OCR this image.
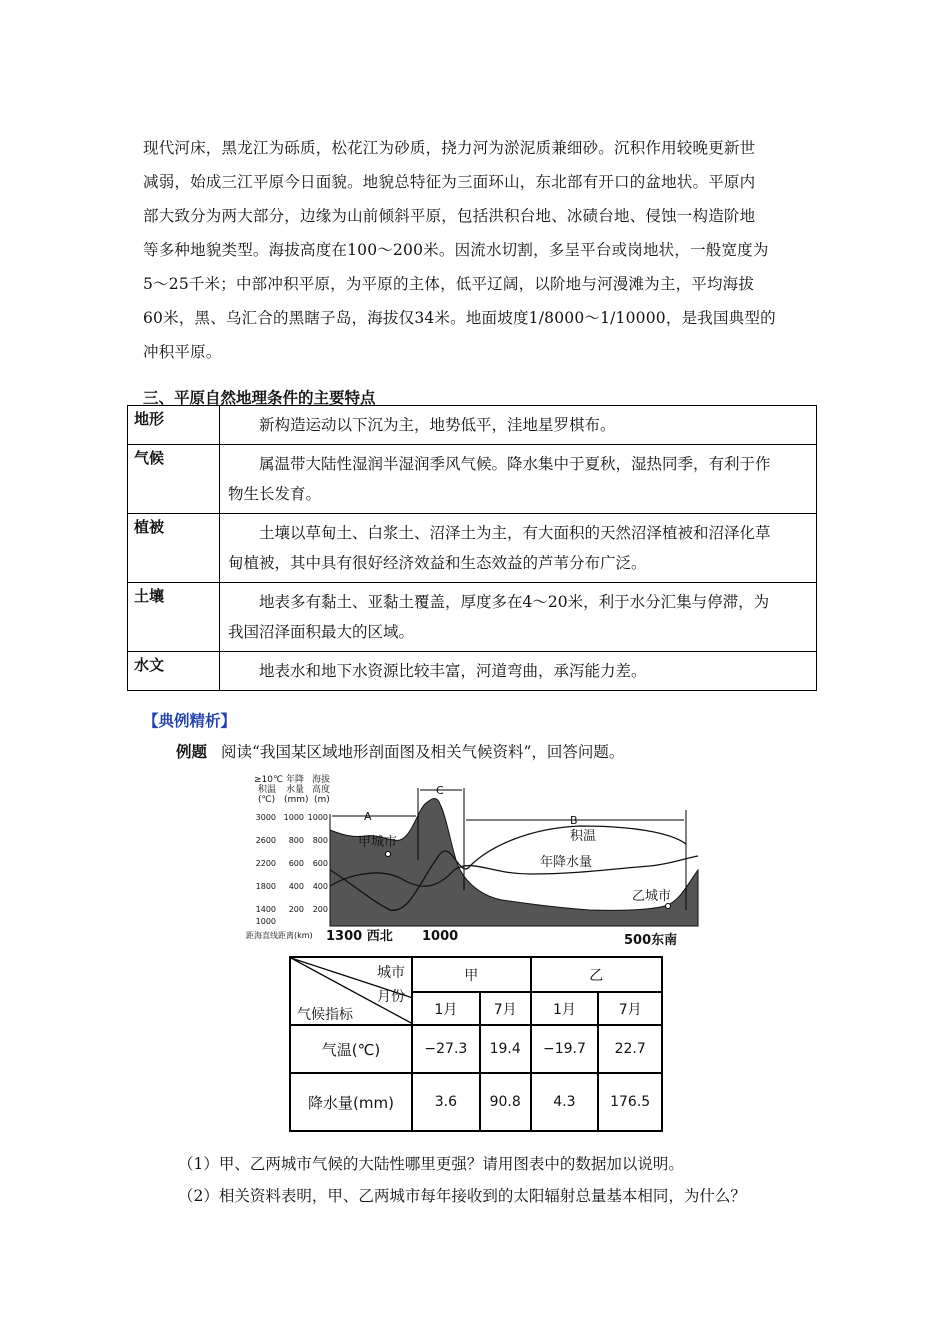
现代河床，黑龙江为砾质，松花江为砂质，挠力河为淤泥质兼细砂。沉积作用较晚更新世
减弱，始成三江平原今日面貌。地貌总特征为三面环山，东北部有开口的盆地状。平原内
部大致分为两大部分，边缘为山前倾斜平原，包括洪积台地、冰碛台地、侵蚀一构造阶地
等多种地貌类型。海拔高度在100～200米。因流水切割，多呈平台或岗地状，一般宽度为
5～25千米；中部冲积平原，为平原的主体，低平辽阔，以阶地与河漫滩为主，平均海拔
60米，黑、乌汇合的黑瞎子岛，海拔仅34米。地面坡度1/8000～1/10000，是我国典型的
冲积平原。
三、平原自然地理条件的主要特点
地形	新构造运动以下沉为主，地势低平，洼地星罗棋布。

气候	属温带大陆性湿润半湿润季风气候。降水集中于夏秋，湿热同季，有利于作
物生长发育。

植被	土壤以草甸土、白浆土、沼泽土为主，有大面积的天然沼泽植被和沼泽化草
甸植被，其中具有很好经济效益和生态效益的芦苇分布广泛。

土壤	地表多有黏土、亚黏土覆盖，厚度多在4～20米，利于水分汇集与停滞，为
我国沼泽面积最大的区域。

水文	地表水和地下水资源比较丰富，河道弯曲，承泻能力差。
【典例精析】
例题 阅读“我国某区域地形剖面图及相关气候资料”，回答问题。
≥10℃积温(℃)
年降水量(mm)
海拔高度(m)
3000
2600
2200
1800
1400
1000
1000
800
600
400
200
1000
800
600
400
200
A
C
B
甲城市
乙城市
积温
年降水量
距海直线距离(km) 1300 西北 1000	500东南
城市
月份
气候指标	甲		乙	
	1月	7月	1月	7月
气温(℃)	−27.3	19.4	−19.7	22.7
降水量(mm)	3.6	90.8	4.3	176.5
（1）甲、乙两城市气候的大陆性哪里更强？请用图表中的数据加以说明。
（2）相关资料表明，甲、乙两城市每年接收到的太阳辐射总量基本相同，为什么？
